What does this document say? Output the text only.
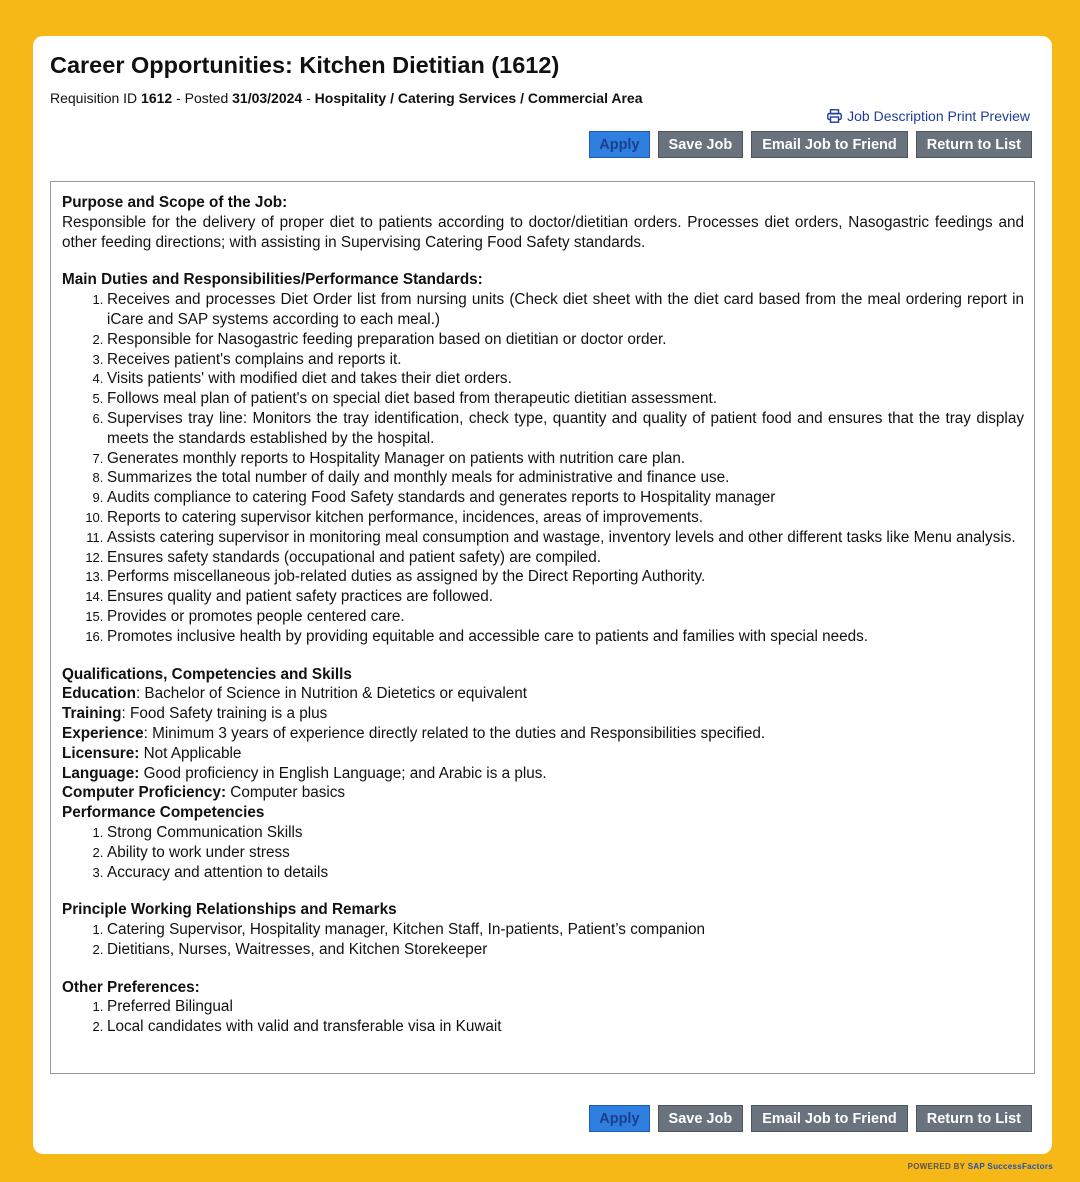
Career Opportunities: Kitchen Dietitian (1612)
Requisition ID 1612 - Posted 31/03/2024 - Hospitality / Catering Services / Commercial Area
Job Description Print Preview
Apply	Save Job	Email Job to Friend	Return to List

Purpose and Scope of the Job:

Responsible for the delivery of proper diet to patients according to doctor/dietitian orders. Processes diet orders, Nasogastric feedings and other feeding directions; with assisting in Supervising Catering Food Safety standards.

Main Duties and Responsibilities/Performance Standards:

1. Receives and processes Diet Order list from nursing units (Check diet sheet with the diet card based from the meal ordering report in iCare and SAP systems according to each meal.)
2. Responsible for Nasogastric feeding preparation based on dietitian or doctor order.
3. Receives patient's complains and reports it.
4. Visits patients' with modified diet and takes their diet orders.
5. Follows meal plan of patient's on special diet based from therapeutic dietitian assessment.
6. Supervises tray line: Monitors the tray identification, check type, quantity and quality of patient food and ensures that the tray display meets the standards established by the hospital.
7. Generates monthly reports to Hospitality Manager on patients with nutrition care plan.
8. Summarizes the total number of daily and monthly meals for administrative and finance use.
9. Audits compliance to catering Food Safety standards and generates reports to Hospitality manager
10. Reports to catering supervisor kitchen performance, incidences, areas of improvements.
11. Assists catering supervisor in monitoring meal consumption and wastage, inventory levels and other different tasks like Menu analysis.
12. Ensures safety standards (occupational and patient safety) are compiled.
13. Performs miscellaneous job-related duties as assigned by the Direct Reporting Authority.
14. Ensures quality and patient safety practices are followed.
15. Provides or promotes people centered care.
16. Promotes inclusive health by providing equitable and accessible care to patients and families with special needs.

Qualifications, Competencies and Skills

Education: Bachelor of Science in Nutrition & Dietetics or equivalent

Training: Food Safety training is a plus

Experience: Minimum 3 years of experience directly related to the duties and Responsibilities specified.

Licensure: Not Applicable

Language: Good proficiency in English Language; and Arabic is a plus.

Computer Proficiency: Computer basics

Performance Competencies

1. Strong Communication Skills
2. Ability to work under stress
3. Accuracy and attention to details

Principle Working Relationships and Remarks

1. Catering Supervisor, Hospitality manager, Kitchen Staff, In-patients, Patient’s companion
2. Dietitians, Nurses, Waitresses, and Kitchen Storekeeper

Other Preferences:

1. Preferred Bilingual
2. Local candidates with valid and transferable visa in Kuwait
Apply	Save Job	Email Job to Friend	Return to List
POWERED BY SAP SuccessFactors
